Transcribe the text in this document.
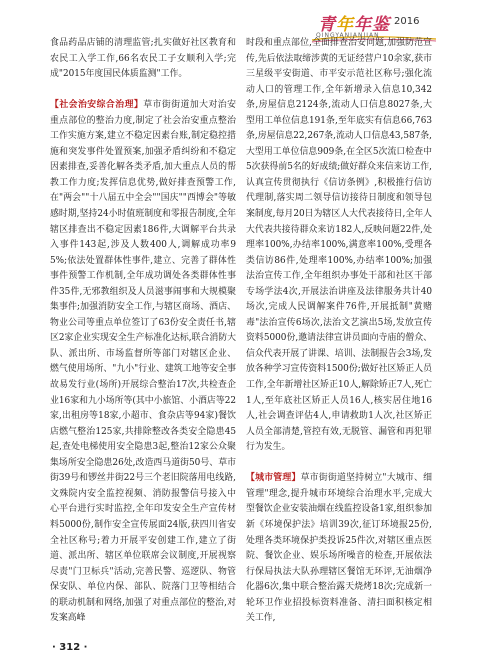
青年年鉴 2016
QINGYANIANJIAN

食品药品店铺的清理监管;扎实做好社区教育和农民工入学工作,66名农民工子女顺利入学;完成"2015年度国民体质监测"工作。

【社会治安综合治理】草市街街道加大对治安重点部位的整治力度,制定了社会治安重点整治工作实施方案,建立不稳定因素台账,制定稳控措施和突发事件处置预案,加强矛盾纠纷和不稳定因素排查,妥善化解各类矛盾,加大重点人员的帮教工作力度;发挥信息优势,做好排查预警工作,在"两会""十八届五中全会""国庆""西博会"等敏感时期,坚持24小时值班制度和零报告制度,全年辖区排查出不稳定因素186件,大调解平台共录入事件143起,涉及人数400人,调解成功率95%;依法处置群体性事件,建立、完善了群体性事件预警工作机制,全年成功调处各类群体性事件35件,无邪教组织及人员滋事闹事和大规模聚集事件;加强消防安全工作,与辖区商场、酒店、物业公司等重点单位签订了63份安全责任书,辖区2家企业实现安全生产标准化达标,联合消防大队、派出所、市场监督所等部门对辖区企业、燃气使用场所、"九小"行业、建筑工地等安全事故易发行业(场所)开展综合整治17次,共检查企业16家和九小场所等(其中小旅馆、小酒店等22家,出租房等18家,小超市、食杂店等94家)餐饮店燃气整治125家,共排除整改各类安全隐患45起,查处电梯使用安全隐患3起,整治12家公众聚集场所安全隐患26处,改造西马道街50号、草市街39号和锣丝井街22号三个老旧院落用电线路,文殊院内安全监控视频、消防报警信号接入中心平台进行实时监控,全年印发安全生产宣传材料5000份,制作安全宣传展面24版,获四川省安全社区称号;着力开展平安创建工作,建立了街道、派出所、辖区单位联席会议制度,开展视察尽责"门卫标兵"活动,完善民警、巡逻队、物管保安队、单位内保、部队、院落门卫等相结合的联动机制和网络,加强了对重点部位的整治,对发案高峰

时段和重点部位,全面排查治安问题,加强防范宣传,先后依法取缔涉黄的无证经营户10余家,获市三星级平安街道、市平安示范社区称号;强化流动人口的管理工作,全年新增录入信息10,342条,房屋信息2124条,流动人口信息8027条,大型用工单位信息191条,至年底实有信息66,763条,房屋信息22,267条,流动人口信息43,587条,大型用工单位信息909条,在全区5次流口检查中5次获得前5名的好成绩;做好群众来信来访工作,认真宣传贯彻执行《信访条例》,积极推行信访代理制,落实周二领导信访接待日制度和领导包案制度,每月20日为辖区人大代表接待日,全年人大代表共接待群众来访182人,反映问题22件,处理率100%,办结率100%,满意率100%,受理各类信访86件,处理率100%,办结率100%;加强法治宣传工作,全年组织办事处干部和社区干部专场学法4次,开展法治讲座及法律服务共计40场次,完成人民调解案件76件,开展抵制"黄赌毒"法治宣传6场次,法治文艺演出5场,发放宣传资料5000份,邀请法律宣讲员面向寺庙的僧众、信众代表开展了讲课、培训、法制报告会3场,发放各种学习宣传资料1500份;做好社区矫正人员工作,全年新增社区矫正10人,解除矫正7人,死亡1人,至年底社区矫正人员16人,核实居住地16人,社会调查评估4人,申请救助1人次,社区矫正人员全部清楚,管控有效,无脱管、漏管和再犯罪行为发生。

【城市管理】草市街街道坚持树立"大城市、细管理"理念,提升城市环境综合治理水平,完成大型餐饮企业安装油烟在线监控设备1家,组织参加新《环境保护法》培训39次,征订环境报25份,处理各类环境保护类投诉25件次,对辖区重点医院、餐饮企业、娱乐场所噪音的检查,开展依法行保局执法大队孙理辖区餐馆无环评,无油烟净化器6次,集中联合整治露天烧烤18次;完成新一轮环卫作业招投标资料准备、清扫面积核定相关工作,

· 312 ·
